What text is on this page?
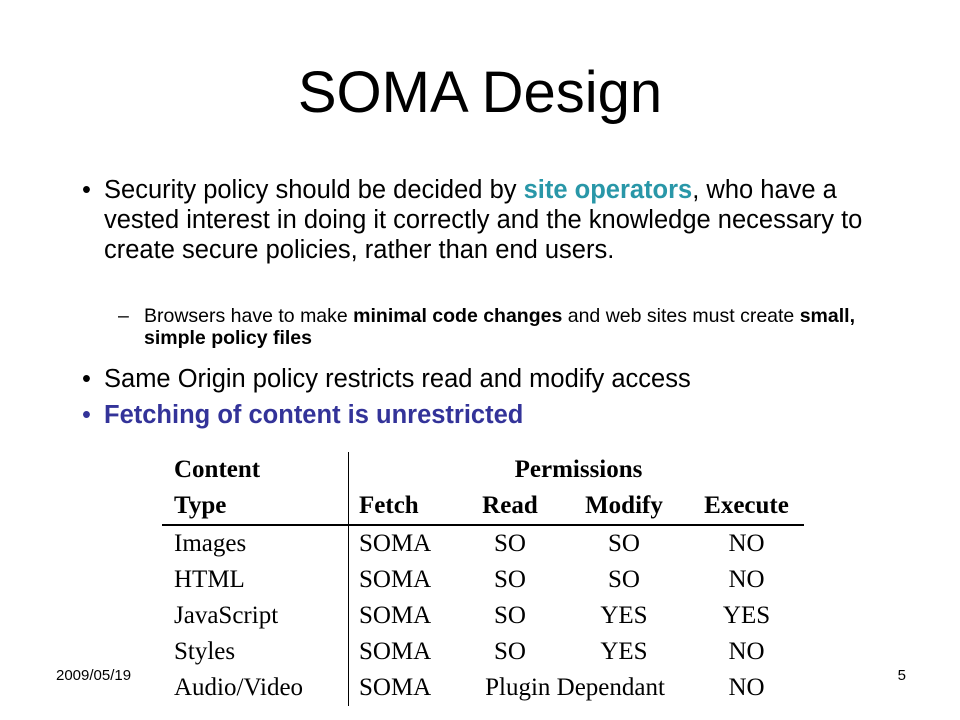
SOMA Design
• Security policy should be decided by site operators, who have a vested interest in doing it correctly and the knowledge necessary to create secure policies, rather than end users.
– Browsers have to make minimal code changes and web sites must create small, simple policy files
• Same Origin policy restricts read and modify access
• Fetching of content is unrestricted
Content	Permissions			
Type	Fetch	Read	Modify	Execute
Images	SOMA	SO	SO	NO
HTML	SOMA	SO	SO	NO
JavaScript	SOMA	SO	YES	YES
Styles	SOMA	SO	YES	NO
Audio/Video	SOMA	Plugin Dependant		NO
2009/05/19	5
